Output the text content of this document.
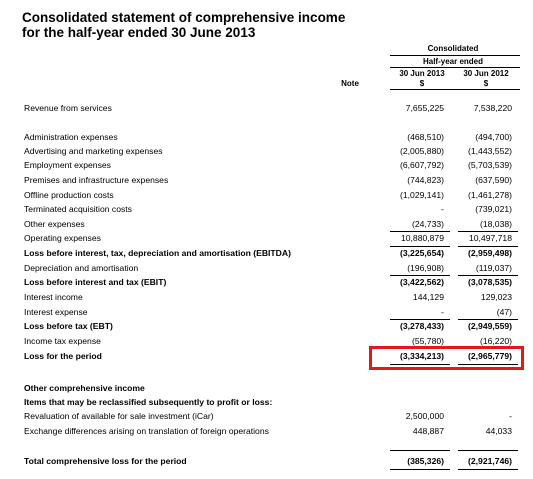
Consolidated statement of comprehensive income
for the half-year ended 30 June 2013
Consolidated
Half-year ended
30 Jun 2013	30 Jun 2012
Note	$	$
Revenue from services	7,655,225	7,538,220
Administration expenses	(468,510)	(494,700)
Advertising and marketing expenses	(2,005,880)	(1,443,552)
Employment expenses	(6,607,792)	(5,703,539)
Premises and infrastructure expenses	(744,823)	(637,590)
Offline production costs	(1,029,141)	(1,461,278)
Terminated acquisition costs	-	(739,021)
Other expenses	(24,733)	(18,038)
Operating expenses	10,880,879	10,497,718
Loss before interest, tax, depreciation and amortisation (EBITDA)	(3,225,654)	(2,959,498)
Depreciation and amortisation	(196,908)	(119,037)
Loss before interest and tax (EBIT)	(3,422,562)	(3,078,535)
Interest income	144,129	129,023
Interest expense	-	(47)
Loss before tax (EBT)	(3,278,433)	(2,949,559)
Income tax expense	(55,780)	(16,220)
Loss for the period	(3,334,213)	(2,965,779)
Other comprehensive income
Items that may be reclassified subsequently to profit or loss:
Revaluation of available for sale investment (iCar)	2,500,000	-
Exchange differences arising on translation of foreign operations	448,887	44,033
Total comprehensive loss for the period	(385,326)	(2,921,746)
